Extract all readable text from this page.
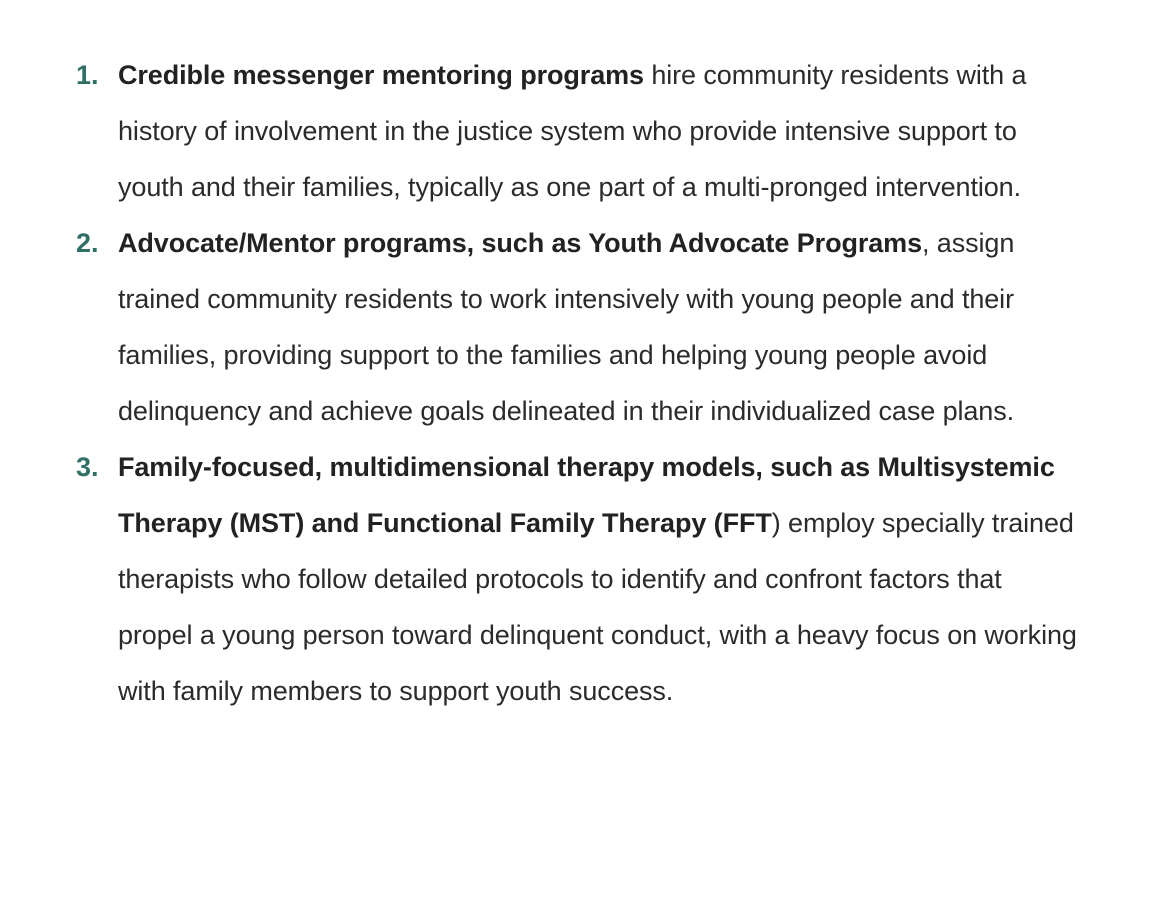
1. Credible messenger mentoring programs hire community residents with a history of involvement in the justice system who provide intensive support to youth and their families, typically as one part of a multi-pronged intervention.
2. Advocate/Mentor programs, such as Youth Advocate Programs, assign trained community residents to work intensively with young people and their families, providing support to the families and helping young people avoid delinquency and achieve goals delineated in their individualized case plans.
3. Family-focused, multidimensional therapy models, such as Multisystemic Therapy (MST) and Functional Family Therapy (FFT) employ specially trained therapists who follow detailed protocols to identify and confront factors that propel a young person toward delinquent conduct, with a heavy focus on working with family members to support youth success.
